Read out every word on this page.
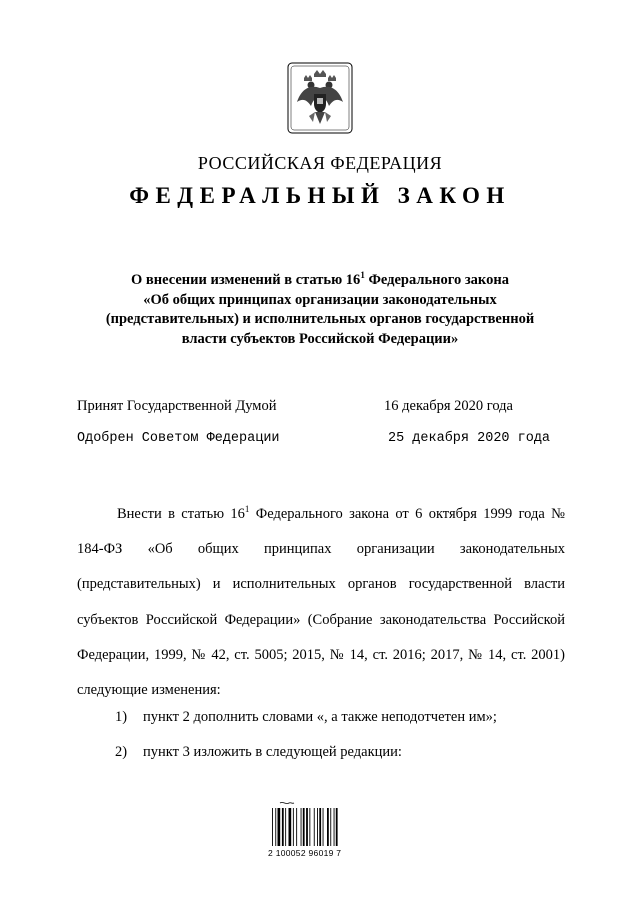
РОССИЙСКАЯ ФЕДЕРАЦИЯ
ФЕДЕРАЛЬНЫЙ ЗАКОН
О внесении изменений в статью $16^1$ Федерального закона
«Об общих принципах организации законодательных
(представительных) и исполнительных органов государственной
власти субъектов Российской Федерации»
Принят Государственной Думой	16 декабря 2020 года
Одобрен Советом Федерации	25 декабря 2020 года

Внести в статью $16^1$ Федерального закона от 6 октября 1999 года № 184-ФЗ «Об общих принципах организации законодательных (представительных) и исполнительных органов государственной власти субъектов Российской Федерации» (Собрание законодательства Российской Федерации, 1999, № 42, ст. 5005; 2015, № 14, ст. 2016; 2017, № 14, ст. 2001) следующие изменения:

1) пункт 2 дополнить словами «, а также неподотчетен им»;
2) пункт 3 изложить в следующей редакции:
2 100052 96019 7
